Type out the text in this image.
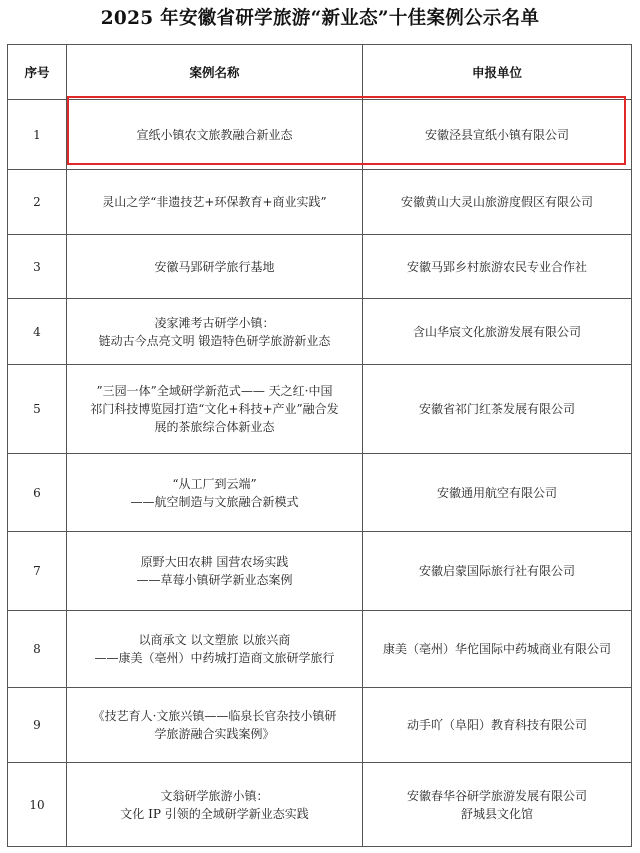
2025 年安徽省研学旅游“新业态”十佳案例公示名单
序号	案例名称	申报单位
1	宣纸小镇农文旅教融合新业态	安徽泾县宣纸小镇有限公司

2	灵山之学“非遗技艺+环保教育+商业实践”	安徽黄山大灵山旅游度假区有限公司

3	安徽马郢研学旅行基地	安徽马郢乡村旅游农民专业合作社

4	凌家滩考古研学小镇：
链动古今点亮文明 锻造特色研学旅游新业态	含山华宸文化旅游发展有限公司

5	”三园一体”全域研学新范式—— 天之红·中国
祁门科技博览园打造“文化+科技+产业”融合发
展的茶旅综合体新业态	安徽省祁门红茶发展有限公司

6	“从工厂到云端”
——航空制造与文旅融合新模式	安徽通用航空有限公司

7	原野大田农耕 国营农场实践
——草莓小镇研学新业态案例	安徽启蒙国际旅行社有限公司

8	以商承文 以文塑旅 以旅兴商
——康美（亳州）中药城打造商文旅研学旅行	康美（亳州）华佗国际中药城商业有限公司

9	《技艺育人·文旅兴镇——临泉长官杂技小镇研
学旅游融合实践案例》	动手吖（阜阳）教育科技有限公司

10	文翁研学旅游小镇：
文化 IP 引领的全域研学新业态实践	安徽春华谷研学旅游发展有限公司
舒城县文化馆
